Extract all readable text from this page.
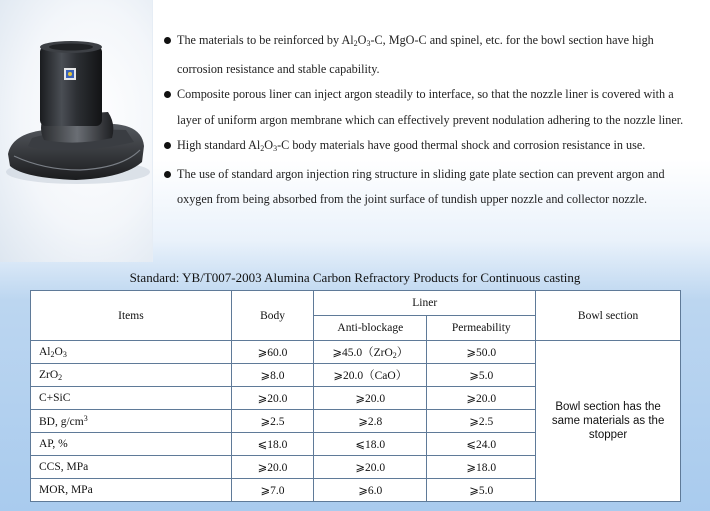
The materials to be reinforced by $Al_2O_3-C$, MgO-C and spinel, etc. for the bowl section have high corrosion resistance and stable capability.

Composite porous liner can inject argon steadily to interface, so that the nozzle liner is covered with a layer of uniform argon membrane which can effectively prevent nodulation adhering to the nozzle liner.

High standard $Al_2O_3-C$ body materials have good thermal shock and corrosion resistance in use.

The use of standard argon injection ring structure in sliding gate plate section can prevent argon and oxygen from being absorbed from the joint surface of tundish upper nozzle and collector nozzle.

Standard: YB/T007-2003 Alumina Carbon Refractory Products for Continuous casting
Items	Body	Liner		Bowl section
		Anti-blockage	Permeability	
$Al_2O_3$	⩾60.0	⩾45.0（ZrO$_2$）	⩾50.0	Bowl section has the same materials as the stopper
ZrO$_2$	⩾8.0	⩾20.0（CaO）	⩾5.0	
C+SiC	⩾20.0	⩾20.0	⩾20.0	
BD, $g/cm^3$	⩾2.5	⩾2.8	⩾2.5	
AP, %	⩽18.0	⩽18.0	⩽24.0	
CCS, MPa	⩾20.0	⩾20.0	⩾18.0	
MOR, MPa	⩾7.0	⩾6.0	⩾5.0	
